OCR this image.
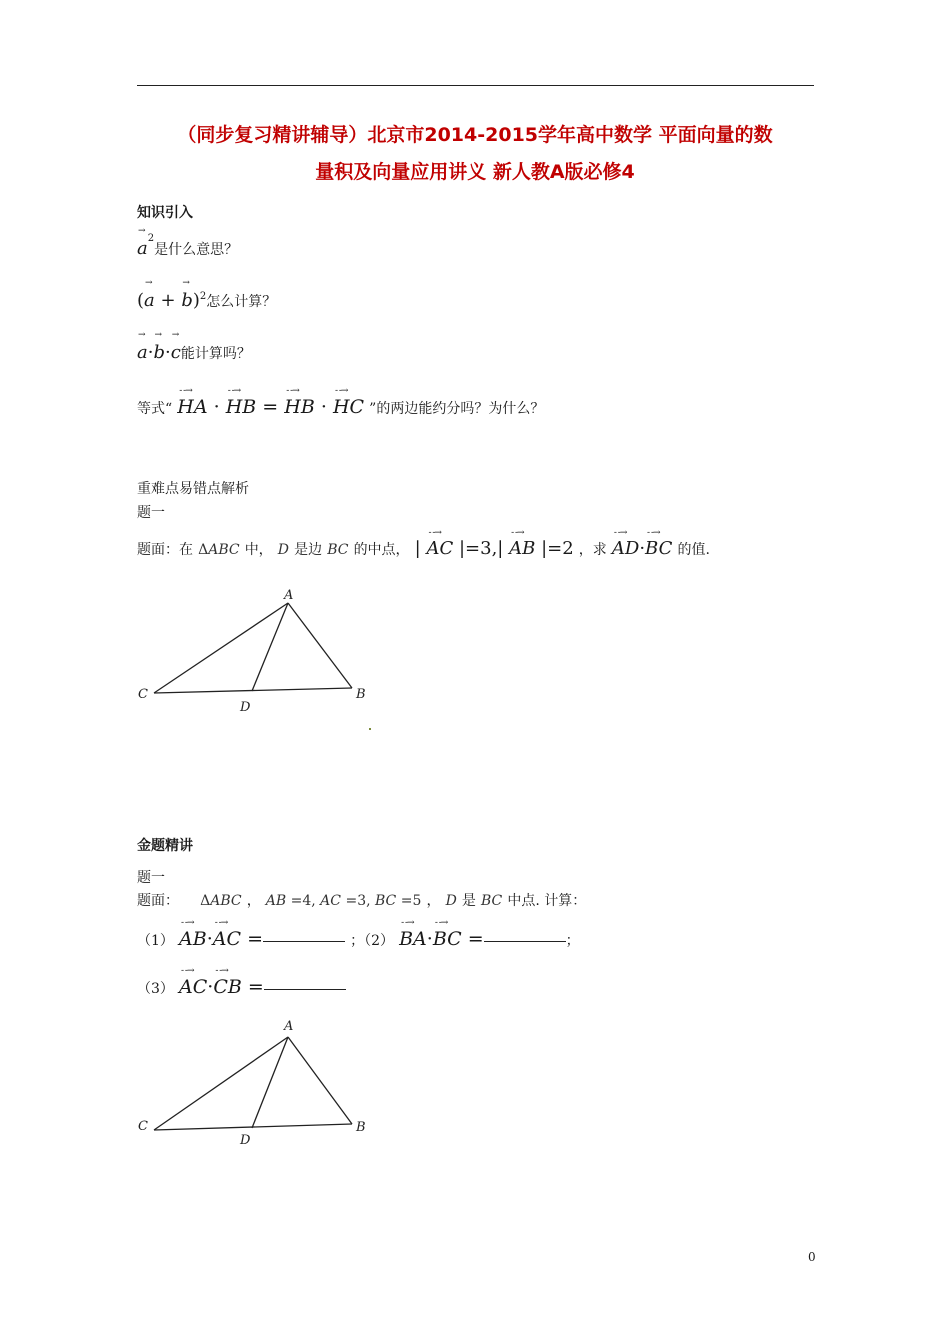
（同步复习精讲辅导）北京市2014-2015学年高中数学 平面向量的数
量积及向量应用讲义 新人教A版必修4
知识引入
→ $a^2$是什么意思？
(→ a + → b)$^2$怎么计算？
→ a·→ b·→ c能计算吗？
等式“ - -→ HA · - -→ HB = - -→ HB · - -→ HC ”的两边能约分吗？为什么？
重难点易错点解析
题一
题面：在 ΔABC 中， D 是边 BC 的中点， | - -→ AC |=3,| - -→ AB |=2 ，求 - -→ AD·- -→ BC 的值.
A
B
C
D
金题精讲
题一
题面： ΔABC ， AB =4, AC =3, BC =5 ， D 是 BC 中点. 计算：
（1） - -→ AB·- -→ AC =	；（2） - -→ BA·- -→ BC =	；
（3） - -→ AC·- -→ CB =
A
B
C
D
0
